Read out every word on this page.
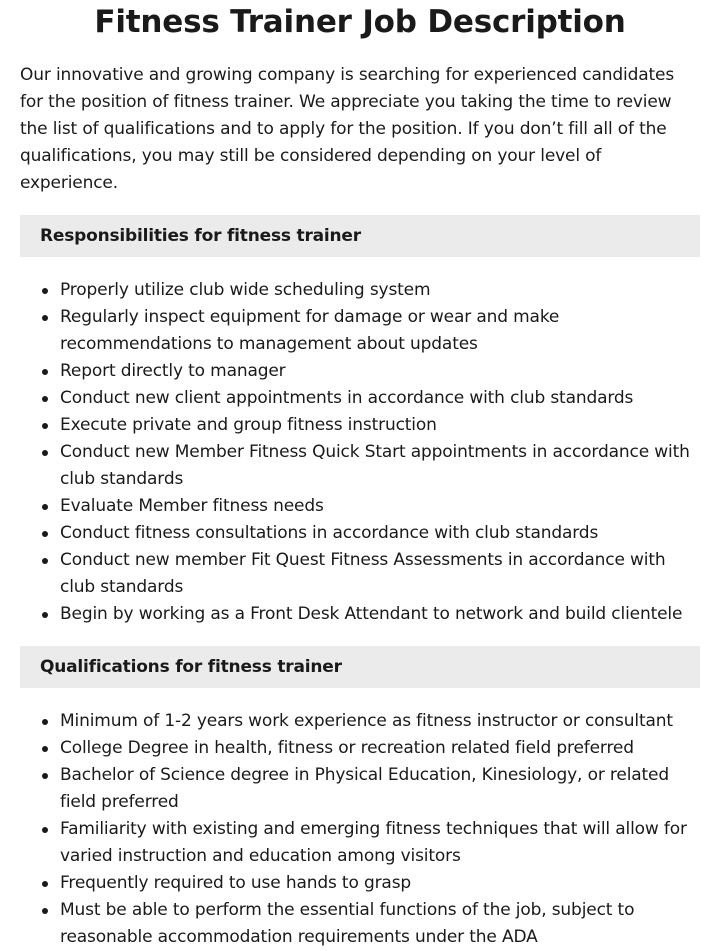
Fitness Trainer Job Description

Our innovative and growing company is searching for experienced candidates for the position of fitness trainer. We appreciate you taking the time to review the list of qualifications and to apply for the position. If you don’t fill all of the qualifications, you may still be considered depending on your level of experience.

Responsibilities for fitness trainer
Properly utilize club wide scheduling system
Regularly inspect equipment for damage or wear and make recommendations to management about updates
Report directly to manager
Conduct new client appointments in accordance with club standards
Execute private and group fitness instruction
Conduct new Member Fitness Quick Start appointments in accordance with club standards
Evaluate Member fitness needs
Conduct fitness consultations in accordance with club standards
Conduct new member Fit Quest Fitness Assessments in accordance with club standards
Begin by working as a Front Desk Attendant to network and build clientele
Qualifications for fitness trainer
Minimum of 1-2 years work experience as fitness instructor or consultant
College Degree in health, fitness or recreation related field preferred
Bachelor of Science degree in Physical Education, Kinesiology, or related field preferred
Familiarity with existing and emerging fitness techniques that will allow for varied instruction and education among visitors
Frequently required to use hands to grasp
Must be able to perform the essential functions of the job, subject to reasonable accommodation requirements under the ADA
